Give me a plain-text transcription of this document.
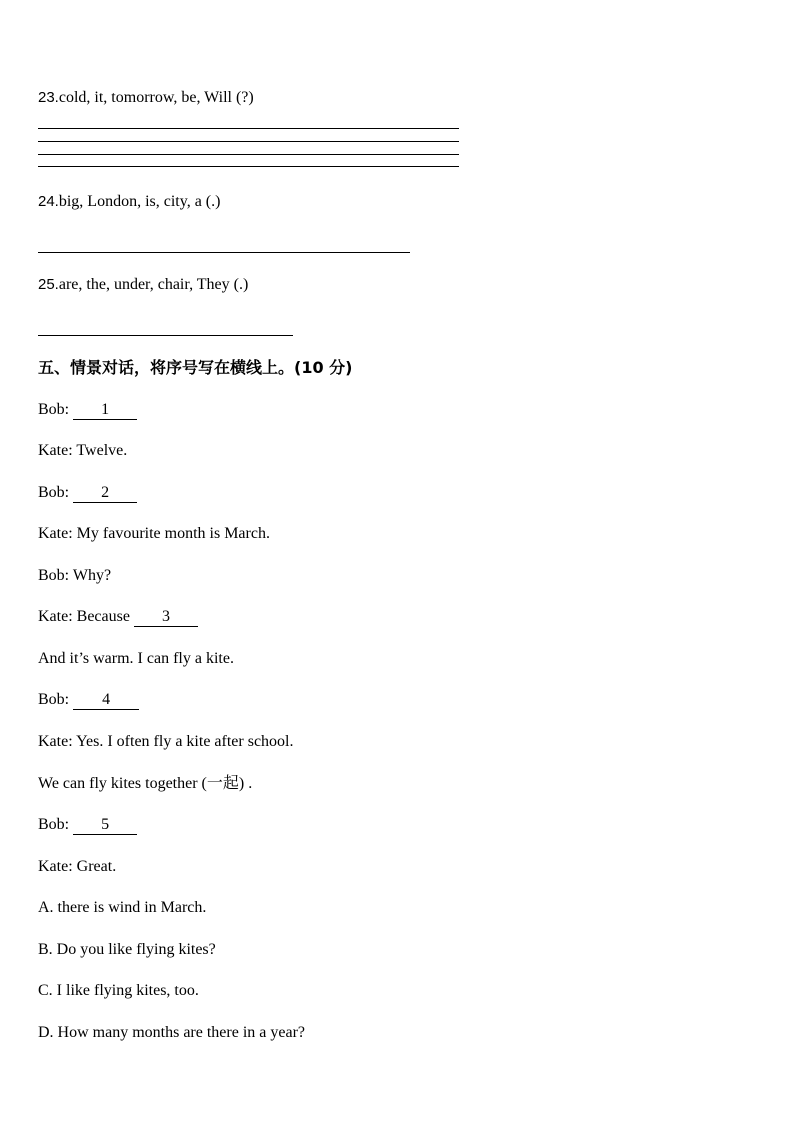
23.cold, it, tomorrow, be, Will (?)
24.big, London, is, city, a (.)
25.are, the, under, chair, They (.)
五、情景对话，将序号写在横线上。(10 分)
Bob: 1
Kate: Twelve.
Bob: 2
Kate: My favourite month is March.
Bob: Why?
Kate: Because 3
And it’s warm. I can fly a kite.
Bob: 4
Kate: Yes. I often fly a kite after school.
We can fly kites together (一起) .
Bob: 5
Kate: Great.
A. there is wind in March.
B. Do you like flying kites?
C. I like flying kites, too.
D. How many months are there in a year?
